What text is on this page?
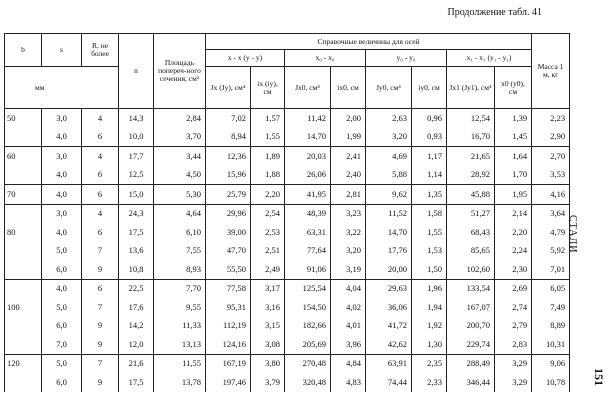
Продолжение табл. 41
СТАЛИ
151
b	s	R, не более	n	Площадь попереч-ного сечения, см²	Справочные величины для осей								Масса 1 м, кг
					x - x (y - y)		x₀ - x₀		y₀ - y₀		x₁ - x₁ (y₁ - y₁)		
мм					Jx (Jy), см⁴	ix (iy), см	Jx0, см⁴	ix0, см	Jy0, см⁴	iy0, см	Jx1 (Jy1), см⁴	x0 (y0), см	
50	3,0	4	14,3	2,84	7,02	1,57	11,42	2,00	2,63	0,96	12,54	1,39	2,23
	4,0	6	10,0	3,70	8,94	1,55	14,70	1,99	3,20	0,93	16,70	1,45	2,90
60	3,0	4	17,7	3,44	12,36	1,89	20,03	2,41	4,69	1,17	21,65	1,64	2,70
	4,0	6	12,5	4,50	15,96	1,88	26,06	2,40	5,88	1,14	28,92	1,70	3,53
70	4,0	6	15,0	5,30	25,79	2,20	41,95	2,81	9,62	1,35	45,88	1,95	4,16
	3,0	4	24,3	4,64	29,96	2,54	48,39	3,23	11,52	1,58	51,27	2,14	3,64
80	4,0	6	17,5	6,10	39,00	2,53	63,31	3,22	14,70	1,55	68,43	2,20	4,79
	5,0	7	13,6	7,55	47,70	2,51	77,64	3,20	17,76	1,53	85,65	2,24	5,92
	6,0	9	10,8	8,93	55,50	2,49	91,06	3,19	20,00	1,50	102,60	2,30	7,01
	4,0	6	22,5	7,70	77,58	3,17	125,54	4,04	29,63	1,96	133,54	2,69	6,05
100	5,0	7	17,6	9,55	95,31	3,16	154,50	4,02	36,06	1,94	167,07	2,74	7,49
	6,0	9	14,2	11,33	112,19	3,15	182,66	4,01	41,72	1,92	200,70	2,79	8,89
	7,0	9	12,0	13,13	124,16	3,08	205,69	3,96	42,62	1,30	229,74	2,83	10,31
120	5,0	7	21,6	11,55	167,19	3,80	270,48	4,84	63,91	2,35	288,49	3,29	9,06
	6,0	9	17,5	13,78	197,46	3,79	320,48	4,83	74,44	2,33	346,44	3,29	10,78
